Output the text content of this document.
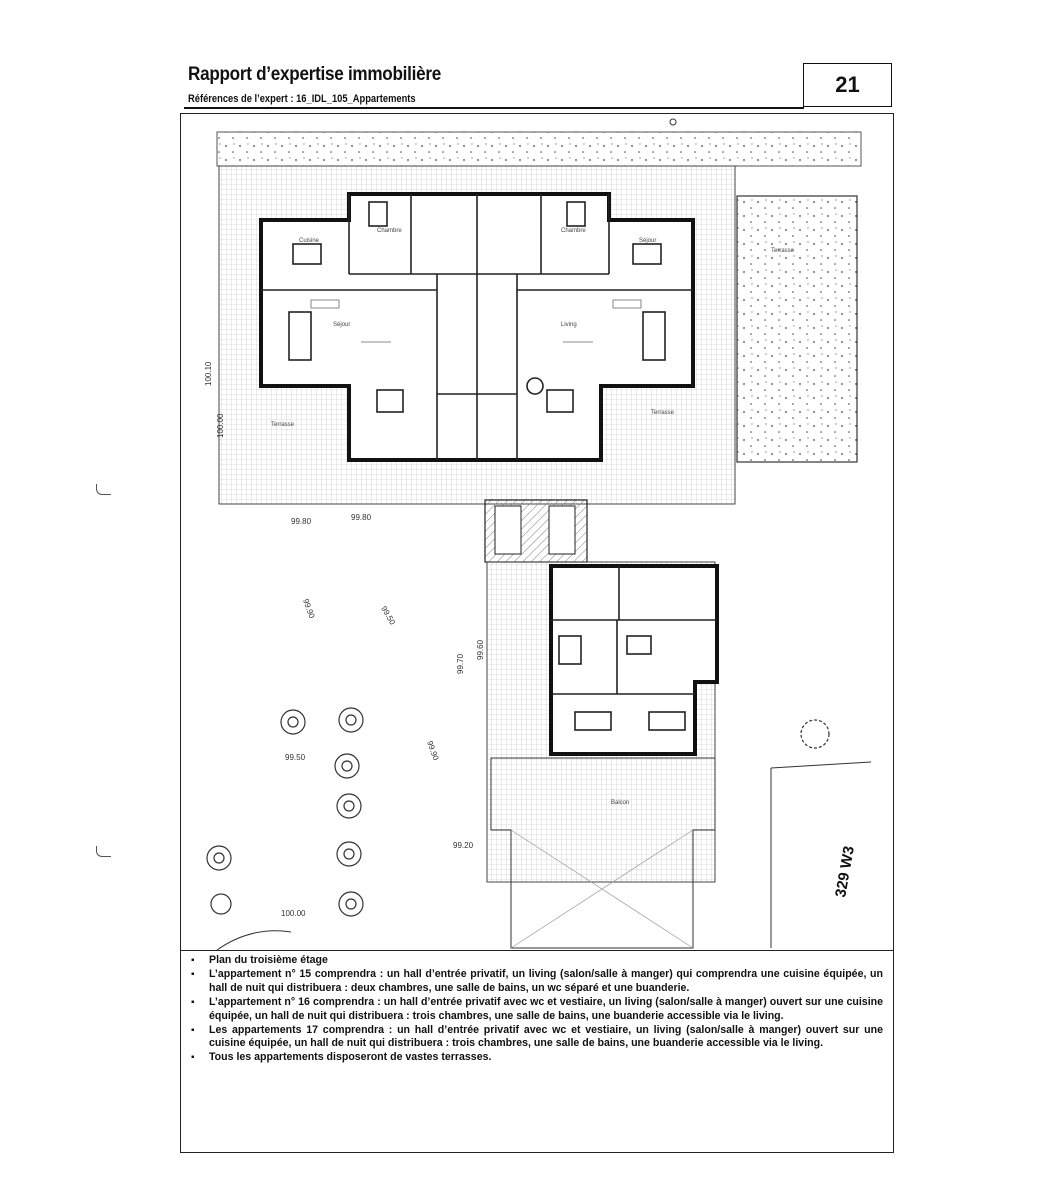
Rapport d’expertise immobilière
Références de l’expert : 16_IDL_105_Appartements
21
329 W3
100.10
100.00
99.80	99.80
99.90	99.50
99.70
99.60
99.50
99.20
99.90
100.00
Cuisine
Séjour	Living
Séjour
Chambre	Chambre
Terrasse
Terrasse
Terrasse
Balcon
▪ Plan du troisième étage
▪ L’appartement n° 15 comprendra : un hall d’entrée privatif, un living (salon/salle à manger) qui comprendra une cuisine équipée, un hall de nuit qui distribuera : deux chambres, une salle de bains, un wc séparé et une buanderie.
▪ L’appartement n° 16 comprendra : un hall d’entrée privatif avec wc et vestiaire, un living (salon/salle à manger) ouvert sur une cuisine équipée, un hall de nuit qui distribuera : trois chambres, une salle de bains, une buanderie accessible via le living.
▪ Les appartements 17 comprendra : un hall d’entrée privatif avec wc et vestiaire, un living (salon/salle à manger) ouvert sur une cuisine équipée, un hall de nuit qui distribuera : trois chambres, une salle de bains, une buanderie accessible via le living.
▪ Tous les appartements disposeront de vastes terrasses.
